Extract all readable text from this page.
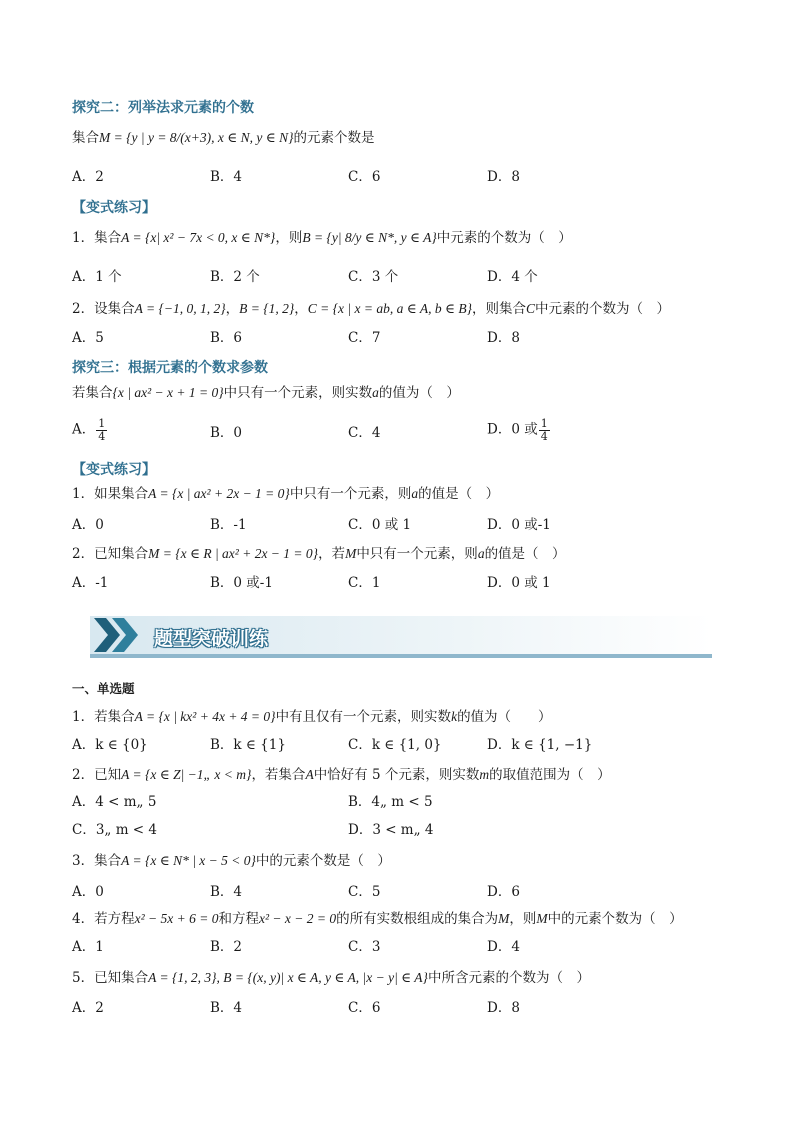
探究二：列举法求元素的个数
集合M = {y | y = 8/(x+3), x ∈ N, y ∈ N}的元素个数是
A．2	B．4	C．6	D．8
【变式练习】
1．集合A = {x| x² − 7x < 0, x ∈ N*}，则B = {y| 8/y ∈ N*, y ∈ A}中元素的个数为（　）
A．1 个	B．2 个	C．3 个	D．4 个
2．设集合A = {−1, 0, 1, 2}，B = {1, 2}，C = {x | x = ab, a ∈ A, b ∈ B}，则集合C中元素的个数为（　）
A．5	B．6	C．7	D．8
探究三：根据元素的个数求参数
若集合{x | ax² − x + 1 = 0}中只有一个元素，则实数a的值为（　）
A． $\frac{1}{4}$	B．0	C．4	D．0 或 $\frac{1}{4}$
【变式练习】
1．如果集合A = {x | ax² + 2x − 1 = 0}中只有一个元素，则a的值是（　）
A．0	B．-1	C．0 或 1	D．0 或-1
2．已知集合M = {x ∈ R | ax² + 2x − 1 = 0}，若M中只有一个元素，则a的值是（　）
A．-1	B．0 或-1	C．1	D．0 或 1
题型突破训练
一、单选题
1．若集合A = {x | kx² + 4x + 4 = 0}中有且仅有一个元素，则实数k的值为（　　）
A．k ∈ {0}	B．k ∈ {1}	C．k ∈ {1, 0}	D．k ∈ {1, −1}
2．已知A = {x ∈ Z| −1„ x < m}，若集合A中恰好有 5 个元素，则实数m的取值范围为（　）
A．4 < m„ 5	B．4„ m < 5
C．3„ m < 4	D．3 < m„ 4
3．集合A = {x ∈ N* | x − 5 < 0}中的元素个数是（　）
A．0	B．4	C．5	D．6
4．若方程x² − 5x + 6 = 0和方程x² − x − 2 = 0的所有实数根组成的集合为M，则M中的元素个数为（　）
A．1	B．2	C．3	D．4
5．已知集合A = {1, 2, 3}, B = {(x, y)| x ∈ A, y ∈ A, |x − y| ∈ A}中所含元素的个数为（　）
A．2	B．4	C．6	D．8
